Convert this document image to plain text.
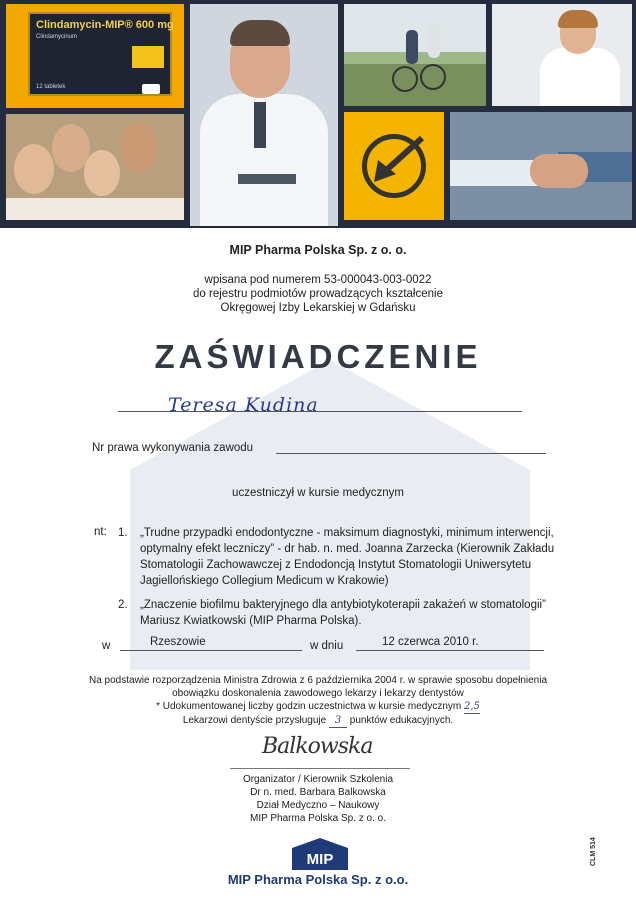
Clindamycin-MIP® 600 mg
Clindamycinum
12 tabletek
MIP Pharma Polska Sp. z o. o.
wpisana pod numerem 53-000043-003-0022
do rejestru podmiotów prowadzących kształcenie
Okręgowej Izby Lekarskiej w Gdańsku
ZAŚWIADCZENIE
Teresa Kudina
Nr prawa wykonywania zawodu
uczestniczył w kursie medycznym
nt: 1. „Trudne przypadki endodontyczne - maksimum diagnostyki, minimum interwencji,
optymalny efekt leczniczy” - dr hab. n. med. Joanna Zarzecka (Kierownik Zakładu
Stomatologii Zachowawczej z Endodoncją Instytut Stomatologii Uniwersytetu
Jagiellońskiego Collegium Medicum w Krakowie)
2. „Znaczenie biofilmu bakteryjnego dla antybiotykoterapii zakażeń w stomatologii”
Mariusz Kwiatkowski (MIP Pharma Polska).
w	Rzeszowie	w dniu	12 czerwca 2010 r.
Na podstawie rozporządzenia Ministra Zdrowia z 6 października 2004 r. w sprawie sposobu dopełnienia
obowiązku doskonalenia zawodowego lekarzy i lekarzy dentystów
* Udokumentowanej liczby godzin uczestnictwa w kursie medycznym 2,5
Lekarzowi dentyście przysługuje 3 punktów edukacyjnych.
Balkowska
Organizator / Kierownik Szkolenia
Dr n. med. Barbara Balkowska
Dział Medyczno – Naukowy
MIP Pharma Polska Sp. z o. o.
MIP
MIP Pharma Polska Sp. z o.o.
CLM 514
